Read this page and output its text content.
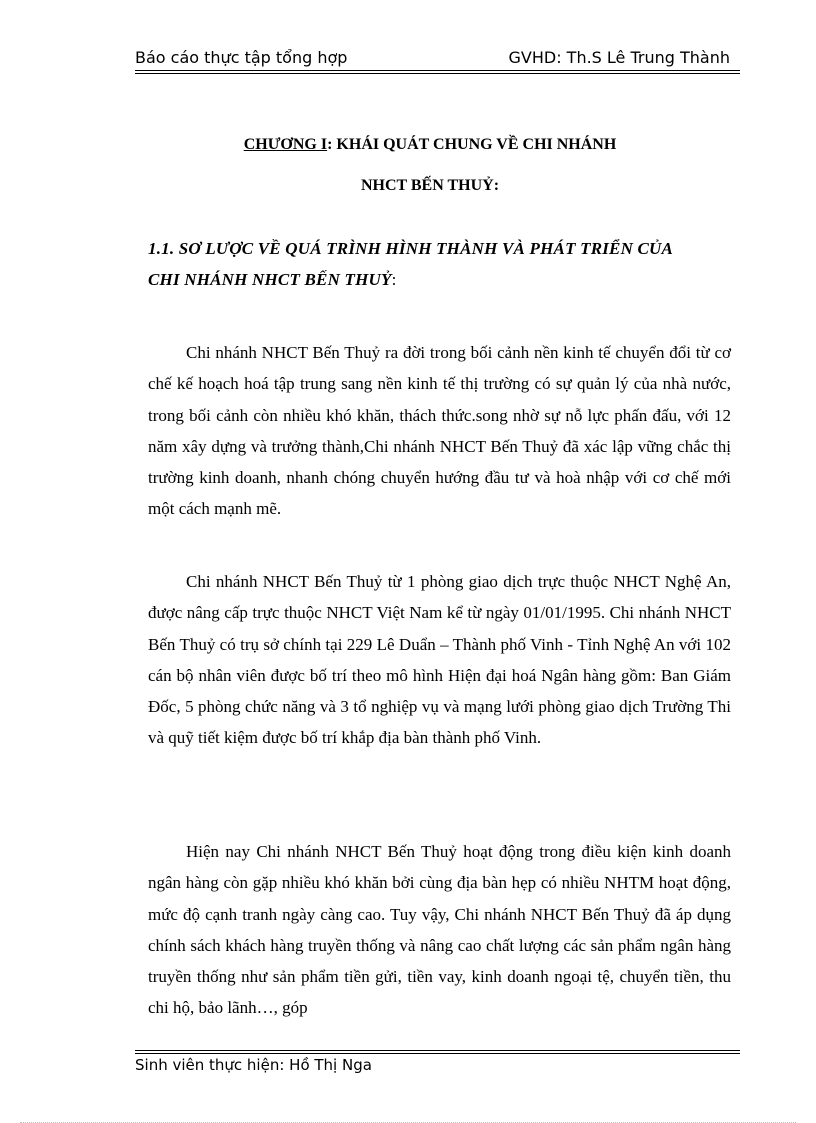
Báo cáo thực tập tổng hợp	GVHD: Th.S Lê Trung Thành
CHƯƠNG I: KHÁI QUÁT CHUNG VỀ CHI NHÁNH
NHCT BẾN THUỶ:
1.1. SƠ LƯỢC VỀ QUÁ TRÌNH HÌNH THÀNH VÀ PHÁT TRIỂN CỦA
CHI NHÁNH NHCT BẾN THUỶ:
Chi nhánh NHCT Bến Thuỷ ra đời trong bối cảnh nền kinh tế chuyển đổi từ cơ chế kế hoạch hoá tập trung sang nền kinh tế thị trường có sự quản lý của nhà nước, trong bối cảnh còn nhiều khó khăn, thách thức.song nhờ sự nỗ lực phấn đấu, với 12 năm xây dựng và trưởng thành,Chi nhánh NHCT Bến Thuỷ đã xác lập vững chắc thị trường kinh doanh, nhanh chóng chuyển hướng đầu tư và hoà nhập với cơ chế mới một cách mạnh mẽ.
Chi nhánh NHCT Bến Thuỷ từ 1 phòng giao dịch trực thuộc NHCT Nghệ An, được nâng cấp trực thuộc NHCT Việt Nam kể từ ngày 01/01/1995. Chi nhánh NHCT Bến Thuỷ có trụ sở chính tại 229 Lê Duẩn – Thành phố Vinh - Tỉnh Nghệ An với 102 cán bộ nhân viên được bố trí theo mô hình Hiện đại hoá Ngân hàng gồm: Ban Giám Đốc, 5 phòng chức năng và 3 tổ nghiệp vụ và mạng lưới phòng giao dịch Trường Thi và quỹ tiết kiệm được bố trí khắp địa bàn thành phố Vinh.
Hiện nay Chi nhánh NHCT Bến Thuỷ hoạt động trong điều kiện kinh doanh ngân hàng còn gặp nhiều khó khăn bởi cùng địa bàn hẹp có nhiều NHTM hoạt động, mức độ cạnh tranh ngày càng cao. Tuy vậy, Chi nhánh NHCT Bến Thuỷ đã áp dụng chính sách khách hàng truyền thống và nâng cao chất lượng các sản phẩm ngân hàng truyền thống như sản phẩm tiền gửi, tiền vay, kinh doanh ngoại tệ, chuyển tiền, thu chi hộ, bảo lãnh…, góp
Sinh viên thực hiện: Hồ Thị Nga
